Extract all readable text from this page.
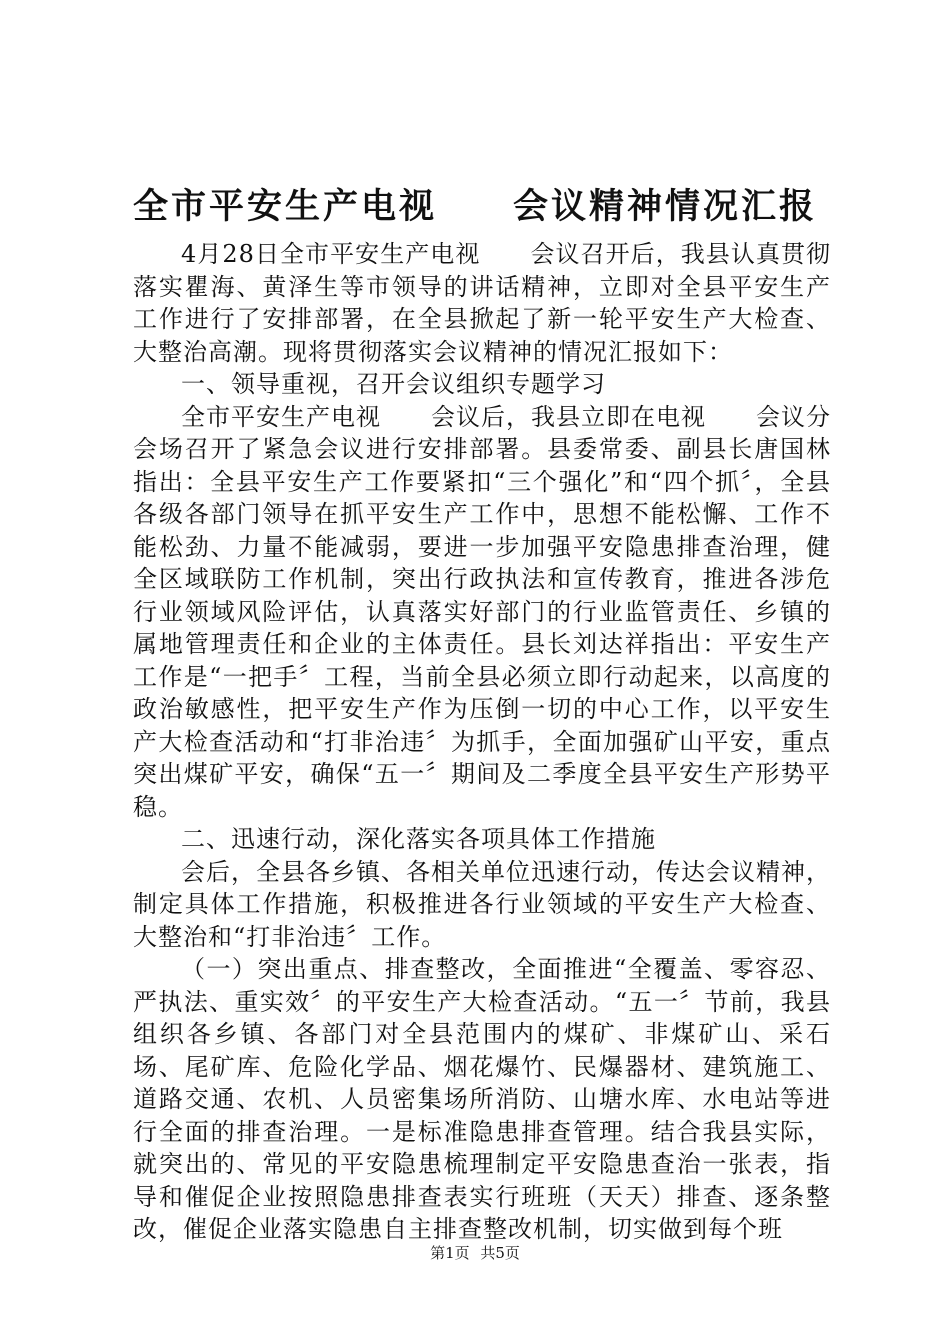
全市平安生产电视　　会议精神情况汇报

4月28日全市平安生产电视　　会议召开后，我县认真贯彻落实瞿海、黄泽生等市领导的讲话精神，立即对全县平安生产工作进行了安排部署，在全县掀起了新一轮平安生产大检查、大整治高潮。现将贯彻落实会议精神的情况汇报如下：

一、领导重视，召开会议组织专题学习

全市平安生产电视　　会议后，我县立即在电视　　会议分会场召开了紧急会议进行安排部署。县委常委、副县长唐国林指出：全县平安生产工作要紧扣“三个强化”和“四个抓〞，全县各级各部门领导在抓平安生产工作中，思想不能松懈、工作不能松劲、力量不能减弱，要进一步加强平安隐患排查治理，健全区域联防工作机制，突出行政执法和宣传教育，推进各涉危行业领域风险评估，认真落实好部门的行业监管责任、乡镇的属地管理责任和企业的主体责任。县长刘达祥指出：平安生产工作是“一把手〞工程，当前全县必须立即行动起来，以高度的政治敏感性，把平安生产作为压倒一切的中心工作，以平安生产大检查活动和“打非治违〞为抓手，全面加强矿山平安，重点突出煤矿平安，确保“五一〞期间及二季度全县平安生产形势平稳。

二、迅速行动，深化落实各项具体工作措施

会后，全县各乡镇、各相关单位迅速行动，传达会议精神，制定具体工作措施，积极推进各行业领域的平安生产大检查、大整治和“打非治违〞工作。

（一）突出重点、排查整改，全面推进“全覆盖、零容忍、严执法、重实效〞的平安生产大检查活动。“五一〞节前，我县组织各乡镇、各部门对全县范围内的煤矿、非煤矿山、采石场、尾矿库、危险化学品、烟花爆竹、民爆器材、建筑施工、道路交通、农机、人员密集场所消防、山塘水库、水电站等进行全面的排查治理。一是标准隐患排查管理。结合我县实际，就突出的、常见的平安隐患梳理制定平安隐患查治一张表，指导和催促企业按照隐患排查表实行班班（天天）排查、逐条整改，催促企业落实隐患自主排查整改机制，切实做到每个班

第1页 共5页
